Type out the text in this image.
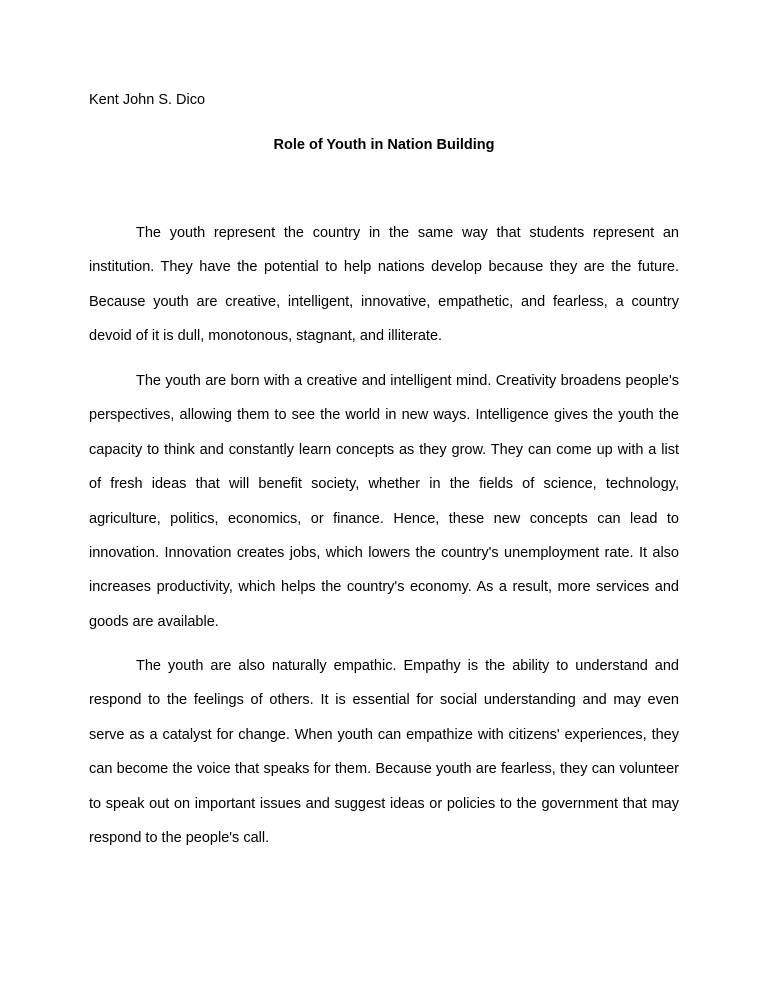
Kent John S. Dico

Role of Youth in Nation Building

The youth represent the country in the same way that students represent an institution. They have the potential to help nations develop because they are the future. Because youth are creative, intelligent, innovative, empathetic, and fearless, a country devoid of it is dull, monotonous, stagnant, and illiterate.

The youth are born with a creative and intelligent mind. Creativity broadens people's perspectives, allowing them to see the world in new ways. Intelligence gives the youth the capacity to think and constantly learn concepts as they grow. They can come up with a list of fresh ideas that will benefit society, whether in the fields of science, technology, agriculture, politics, economics, or finance. Hence, these new concepts can lead to innovation. Innovation creates jobs, which lowers the country's unemployment rate. It also increases productivity, which helps the country's economy. As a result, more services and goods are available.

The youth are also naturally empathic. Empathy is the ability to understand and respond to the feelings of others. It is essential for social understanding and may even serve as a catalyst for change. When youth can empathize with citizens' experiences, they can become the voice that speaks for them. Because youth are fearless, they can volunteer to speak out on important issues and suggest ideas or policies to the government that may respond to the people's call.
